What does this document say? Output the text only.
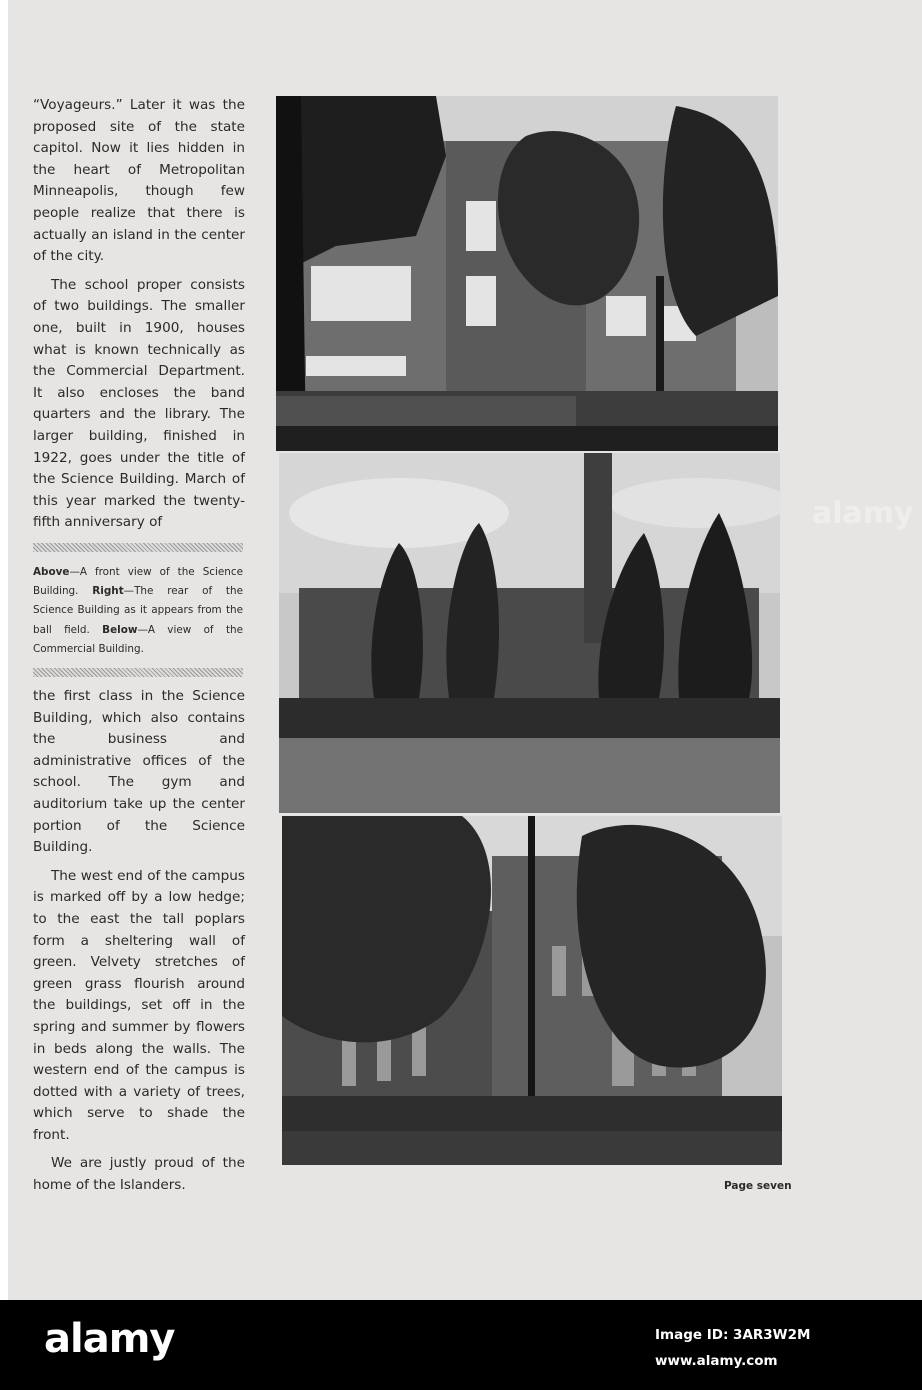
“Voyageurs.” Later it was the proposed site of the state capitol. Now it lies hidden in the heart of Metropolitan Minneapolis, though few people realize that there is actually an island in the center of the city.

The school proper consists of two buildings. The smaller one, built in 1900, houses what is known technically as the Commercial Department. It also encloses the band quarters and the library. The larger building, finished in 1922, goes under the title of the Science Building. March of this year marked the twenty-fifth anniversary of

Above—A front view of the Science Building. Right—The rear of the Science Building as it appears from the ball field. Below—A view of the Commercial Building.

the first class in the Science Building, which also contains the business and administrative offices of the school. The gym and auditorium take up the center portion of the Science Building.

The west end of the campus is marked off by a low hedge; to the east the tall poplars form a sheltering wall of green. Velvety stretches of green grass flourish around the buildings, set off in the spring and summer by flowers in beds along the walls. The western end of the campus is dotted with a variety of trees, which serve to shade the front.

We are justly proud of the home of the Islanders.	Page seven
alamy
alamy	Image ID: 3AR3W2M
www.alamy.com
